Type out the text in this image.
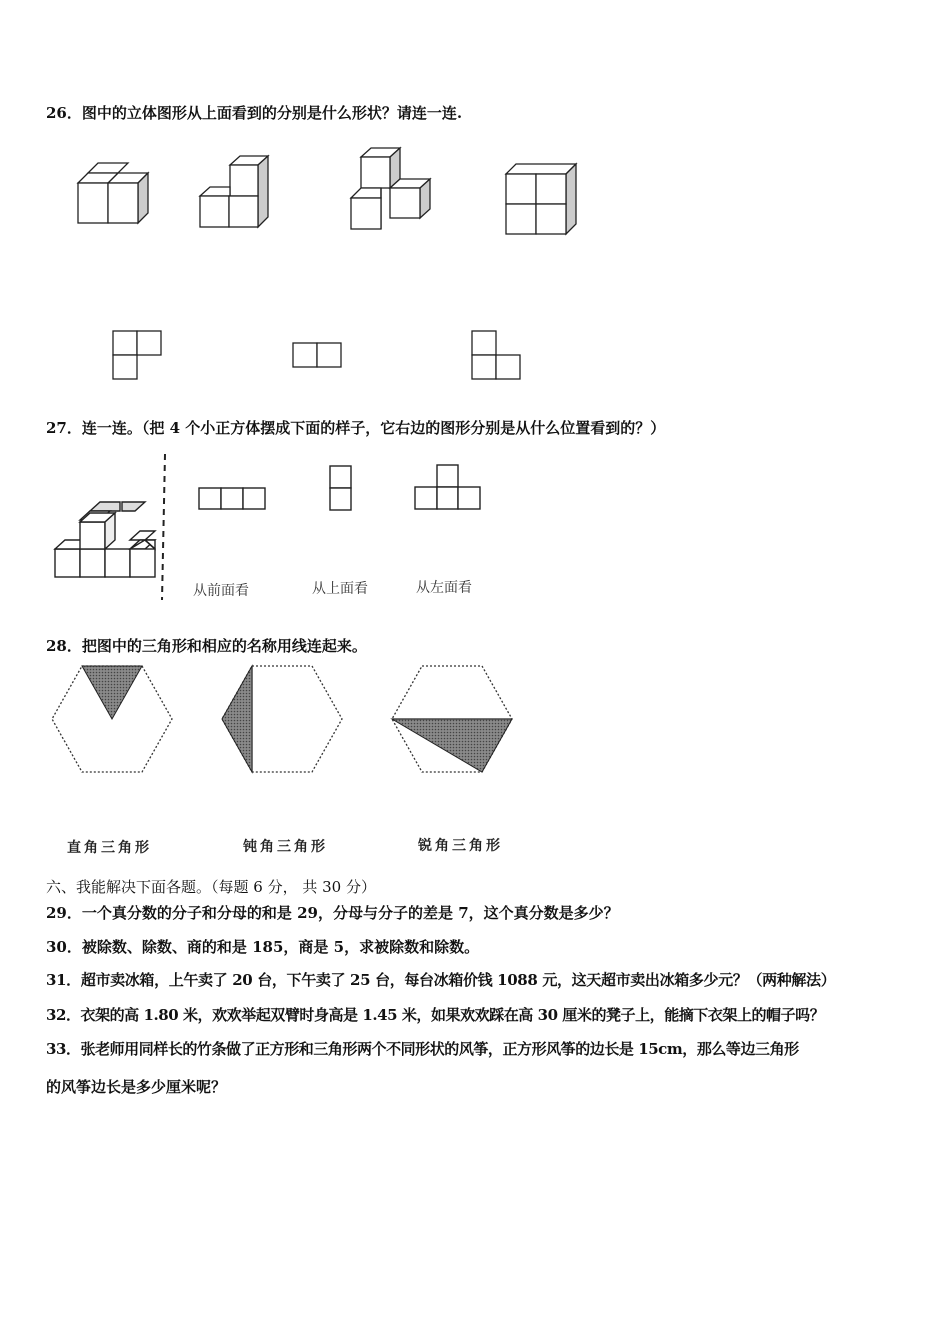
26．图中的立体图形从上面看到的分别是什么形状？请连一连.
27．连一连。（把 4 个小正方体摆成下面的样子，它右边的图形分别是从什么位置看到的？）
从前面看	从上面看	从左面看
28．把图中的三角形和相应的名称用线连起来。
直角三角形	钝角三角形	锐角三角形
六、我能解决下面各题。（每题 6 分， 共 30 分）
29．一个真分数的分子和分母的和是 29，分母与分子的差是 7，这个真分数是多少？
30．被除数、除数、商的和是 185，商是 5，求被除数和除数。
31．超市卖冰箱，上午卖了 20 台，下午卖了 25 台，每台冰箱价钱 1088 元，这天超市卖出冰箱多少元？（两种解法）
32．衣架的高 1.80 米，欢欢举起双臂时身高是 1.45 米，如果欢欢踩在高 30 厘米的凳子上，能摘下衣架上的帽子吗？
33．张老师用同样长的竹条做了正方形和三角形两个不同形状的风筝，正方形风筝的边长是 15cm，那么等边三角形
的风筝边长是多少厘米呢？
